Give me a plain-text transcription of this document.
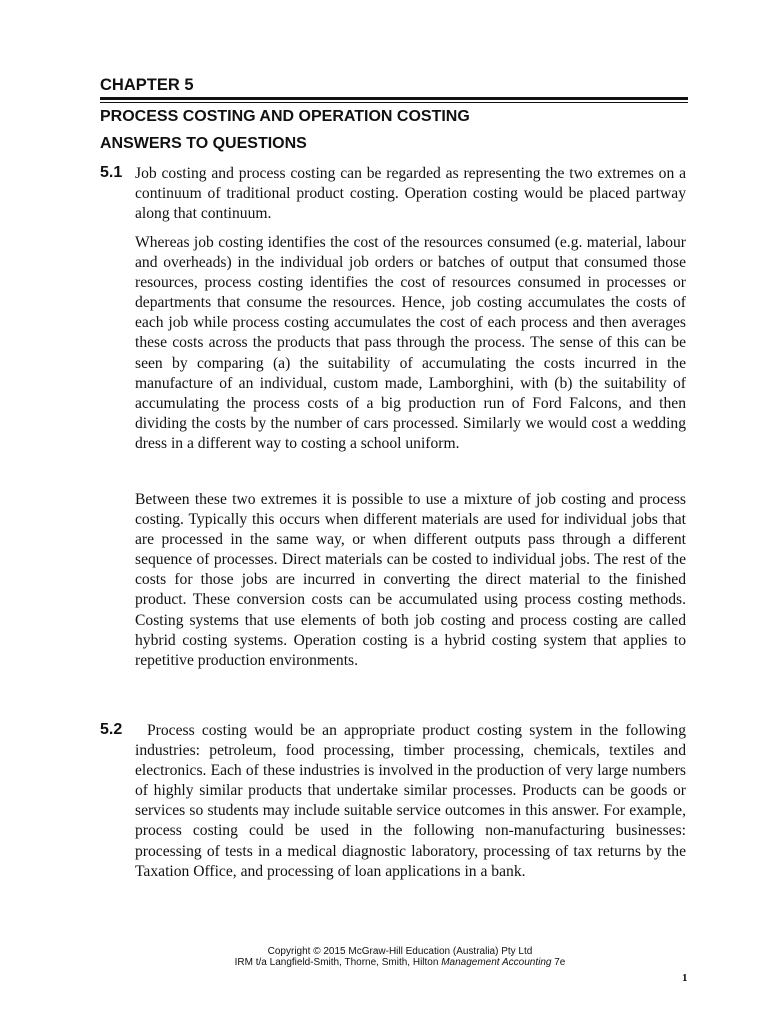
CHAPTER 5
PROCESS COSTING AND OPERATION COSTING
ANSWERS TO QUESTIONS
5.1 Job costing and process costing can be regarded as representing the two extremes on a continuum of traditional product costing. Operation costing would be placed partway along that continuum.

Whereas job costing identifies the cost of the resources consumed (e.g. material, labour and overheads) in the individual job orders or batches of output that consumed those resources, process costing identifies the cost of resources consumed in processes or departments that consume the resources. Hence, job costing accumulates the costs of each job while process costing accumulates the cost of each process and then averages these costs across the products that pass through the process. The sense of this can be seen by comparing (a) the suitability of accumulating the costs incurred in the manufacture of an individual, custom made, Lamborghini, with (b) the suitability of accumulating the process costs of a big production run of Ford Falcons, and then dividing the costs by the number of cars processed. Similarly we would cost a wedding dress in a different way to costing a school uniform.

Between these two extremes it is possible to use a mixture of job costing and process costing. Typically this occurs when different materials are used for individual jobs that are processed in the same way, or when different outputs pass through a different sequence of processes. Direct materials can be costed to individual jobs. The rest of the costs for those jobs are incurred in converting the direct material to the finished product. These conversion costs can be accumulated using process costing methods. Costing systems that use elements of both job costing and process costing are called hybrid costing systems. Operation costing is a hybrid costing system that applies to repetitive production environments.

5.2	Process costing would be an appropriate product costing system in the following industries: petroleum, food processing, timber processing, chemicals, textiles and electronics. Each of these industries is involved in the production of very large numbers of highly similar products that undertake similar processes. Products can be goods or services so students may include suitable service outcomes in this answer. For example, process costing could be used in the following non-manufacturing businesses: processing of tests in a medical diagnostic laboratory, processing of tax returns by the Taxation Office, and processing of loan applications in a bank.

Copyright © 2015 McGraw-Hill Education (Australia) Pty Ltd
IRM t/a Langfield-Smith, Thorne, Smith, Hilton Management Accounting 7e
1
